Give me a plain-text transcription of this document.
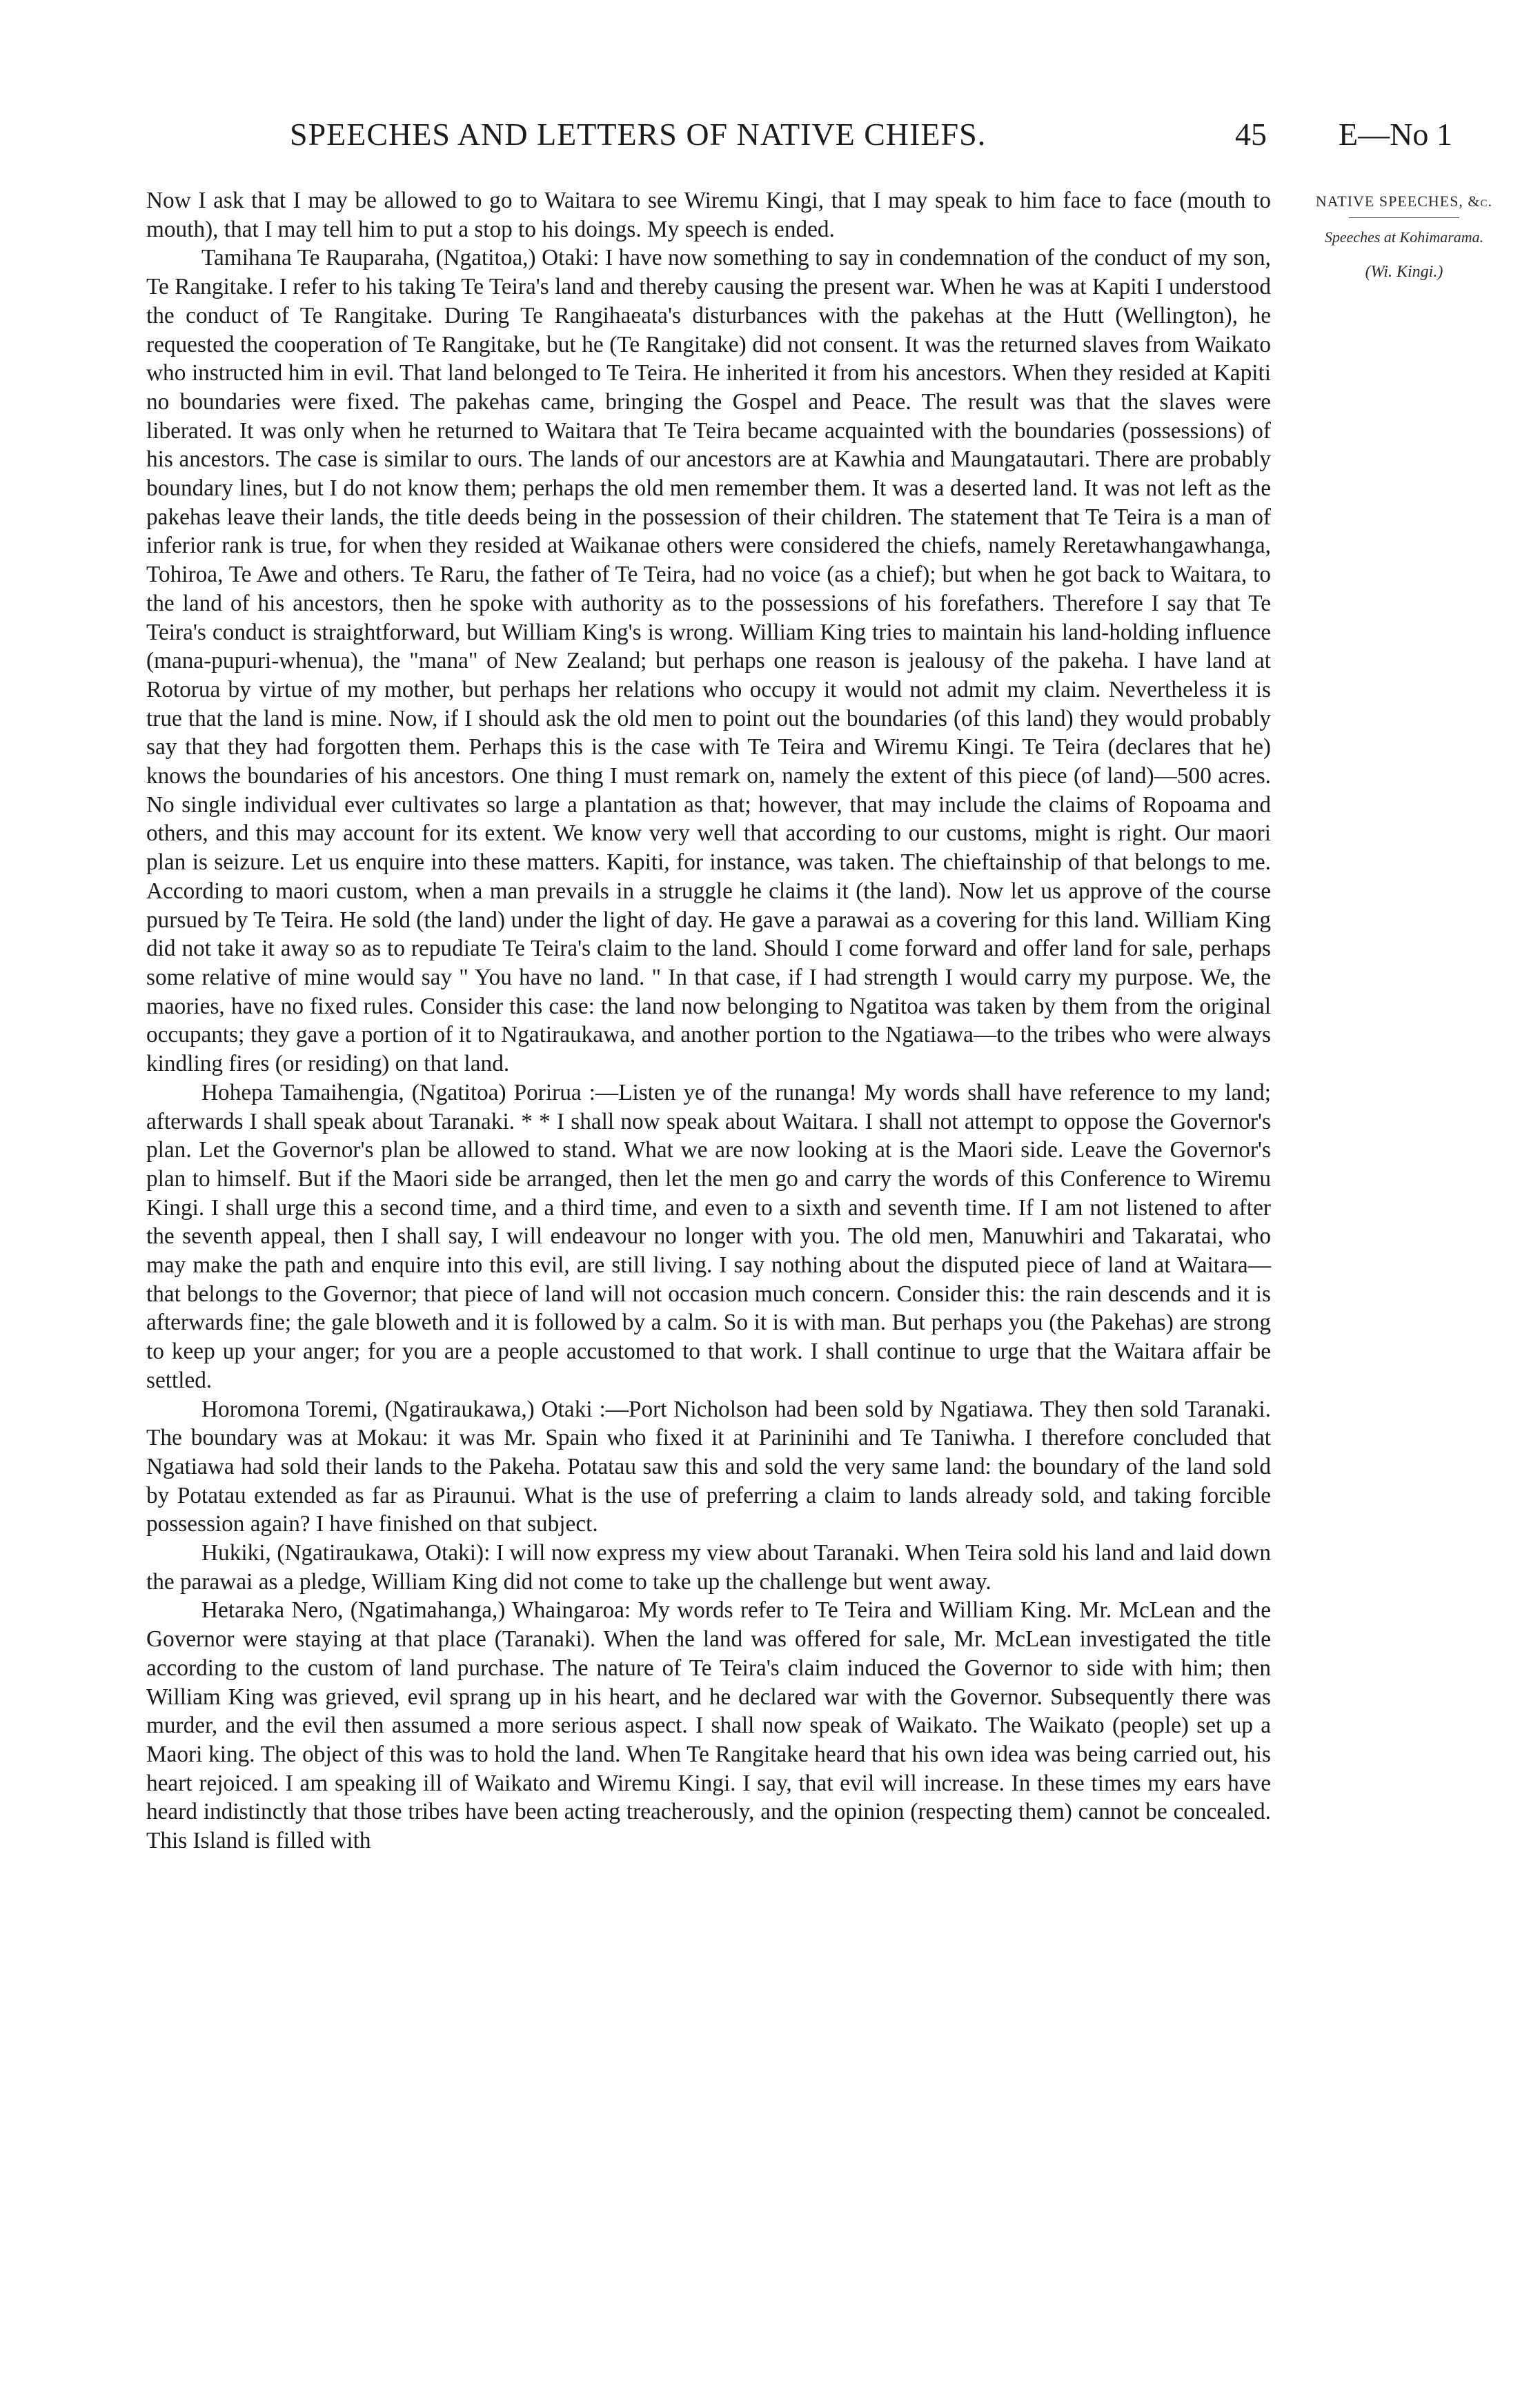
SPEECHES AND LETTERS OF NATIVE CHIEFS.	45 E—No 1
NATIVE SPEECHES, &c.
Speeches at Kohimarama.
(Wi. Kingi.)

Now I ask that I may be allowed to go to Waitara to see Wiremu Kingi, that I may speak to him face to face (mouth to mouth), that I may tell him to put a stop to his doings. My speech is ended.

Tamihana Te Rauparaha, (Ngatitoa,) Otaki: I have now something to say in condemnation of the conduct of my son, Te Rangitake. I refer to his taking Te Teira's land and thereby causing the present war. When he was at Kapiti I understood the conduct of Te Rangitake. During Te Rangihaeata's disturbances with the pakehas at the Hutt (Wellington), he requested the cooperation of Te Rangitake, but he (Te Rangitake) did not consent. It was the returned slaves from Waikato who instructed him in evil. That land belonged to Te Teira. He inherited it from his ancestors. When they resided at Kapiti no boundaries were fixed. The pakehas came, bringing the Gospel and Peace. The result was that the slaves were liberated. It was only when he returned to Waitara that Te Teira became acquainted with the boundaries (possessions) of his ancestors. The case is similar to ours. The lands of our ancestors are at Kawhia and Maungatautari. There are probably boundary lines, but I do not know them; perhaps the old men remember them. It was a deserted land. It was not left as the pakehas leave their lands, the title deeds being in the possession of their children. The statement that Te Teira is a man of inferior rank is true, for when they resided at Waikanae others were considered the chiefs, namely Reretawhangawhanga, Tohiroa, Te Awe and others. Te Raru, the father of Te Teira, had no voice (as a chief); but when he got back to Waitara, to the land of his ancestors, then he spoke with authority as to the possessions of his forefathers. Therefore I say that Te Teira's conduct is straightforward, but William King's is wrong. William King tries to maintain his land-holding influence (mana-pupuri-whenua), the "mana" of New Zealand; but perhaps one reason is jealousy of the pakeha. I have land at Rotorua by virtue of my mother, but perhaps her relations who occupy it would not admit my claim. Nevertheless it is true that the land is mine. Now, if I should ask the old men to point out the boundaries (of this land) they would probably say that they had forgotten them. Perhaps this is the case with Te Teira and Wiremu Kingi. Te Teira (declares that he) knows the boundaries of his ancestors. One thing I must remark on, namely the extent of this piece (of land)—500 acres. No single individual ever cultivates so large a plantation as that; however, that may include the claims of Ropoama and others, and this may account for its extent. We know very well that according to our customs, might is right. Our maori plan is seizure. Let us enquire into these matters. Kapiti, for instance, was taken. The chieftainship of that belongs to me. According to maori custom, when a man prevails in a struggle he claims it (the land). Now let us approve of the course pursued by Te Teira. He sold (the land) under the light of day. He gave a parawai as a covering for this land. William King did not take it away so as to repudiate Te Teira's claim to the land. Should I come forward and offer land for sale, perhaps some relative of mine would say " You have no land. " In that case, if I had strength I would carry my purpose. We, the maories, have no fixed rules. Consider this case: the land now belonging to Ngatitoa was taken by them from the original occupants; they gave a portion of it to Ngatiraukawa, and another portion to the Ngatiawa—to the tribes who were always kindling fires (or residing) on that land.

Hohepa Tamaihengia, (Ngatitoa) Porirua :—Listen ye of the runanga! My words shall have reference to my land; afterwards I shall speak about Taranaki. * * I shall now speak about Waitara. I shall not attempt to oppose the Governor's plan. Let the Governor's plan be allowed to stand. What we are now looking at is the Maori side. Leave the Governor's plan to himself. But if the Maori side be arranged, then let the men go and carry the words of this Conference to Wiremu Kingi. I shall urge this a second time, and a third time, and even to a sixth and seventh time. If I am not listened to after the seventh appeal, then I shall say, I will endeavour no longer with you. The old men, Manuwhiri and Takaratai, who may make the path and enquire into this evil, are still living. I say nothing about the disputed piece of land at Waitara—that belongs to the Governor; that piece of land will not occasion much concern. Consider this: the rain descends and it is afterwards fine; the gale bloweth and it is followed by a calm. So it is with man. But perhaps you (the Pakehas) are strong to keep up your anger; for you are a people accustomed to that work. I shall continue to urge that the Waitara affair be settled.

Horomona Toremi, (Ngatiraukawa,) Otaki :—Port Nicholson had been sold by Ngatiawa. They then sold Taranaki. The boundary was at Mokau: it was Mr. Spain who fixed it at Parininihi and Te Taniwha. I therefore concluded that Ngatiawa had sold their lands to the Pakeha. Potatau saw this and sold the very same land: the boundary of the land sold by Potatau extended as far as Piraunui. What is the use of preferring a claim to lands already sold, and taking forcible possession again? I have finished on that subject.

Hukiki, (Ngatiraukawa, Otaki): I will now express my view about Taranaki. When Teira sold his land and laid down the parawai as a pledge, William King did not come to take up the challenge but went away.

Hetaraka Nero, (Ngatimahanga,) Whaingaroa: My words refer to Te Teira and William King. Mr. McLean and the Governor were staying at that place (Taranaki). When the land was offered for sale, Mr. McLean investigated the title according to the custom of land purchase. The nature of Te Teira's claim induced the Governor to side with him; then William King was grieved, evil sprang up in his heart, and he declared war with the Governor. Subsequently there was murder, and the evil then assumed a more serious aspect. I shall now speak of Waikato. The Waikato (people) set up a Maori king. The object of this was to hold the land. When Te Rangitake heard that his own idea was being carried out, his heart rejoiced. I am speaking ill of Waikato and Wiremu Kingi. I say, that evil will increase. In these times my ears have heard indistinctly that those tribes have been acting treacherously, and the opinion (respecting them) cannot be concealed. This Island is filled with
